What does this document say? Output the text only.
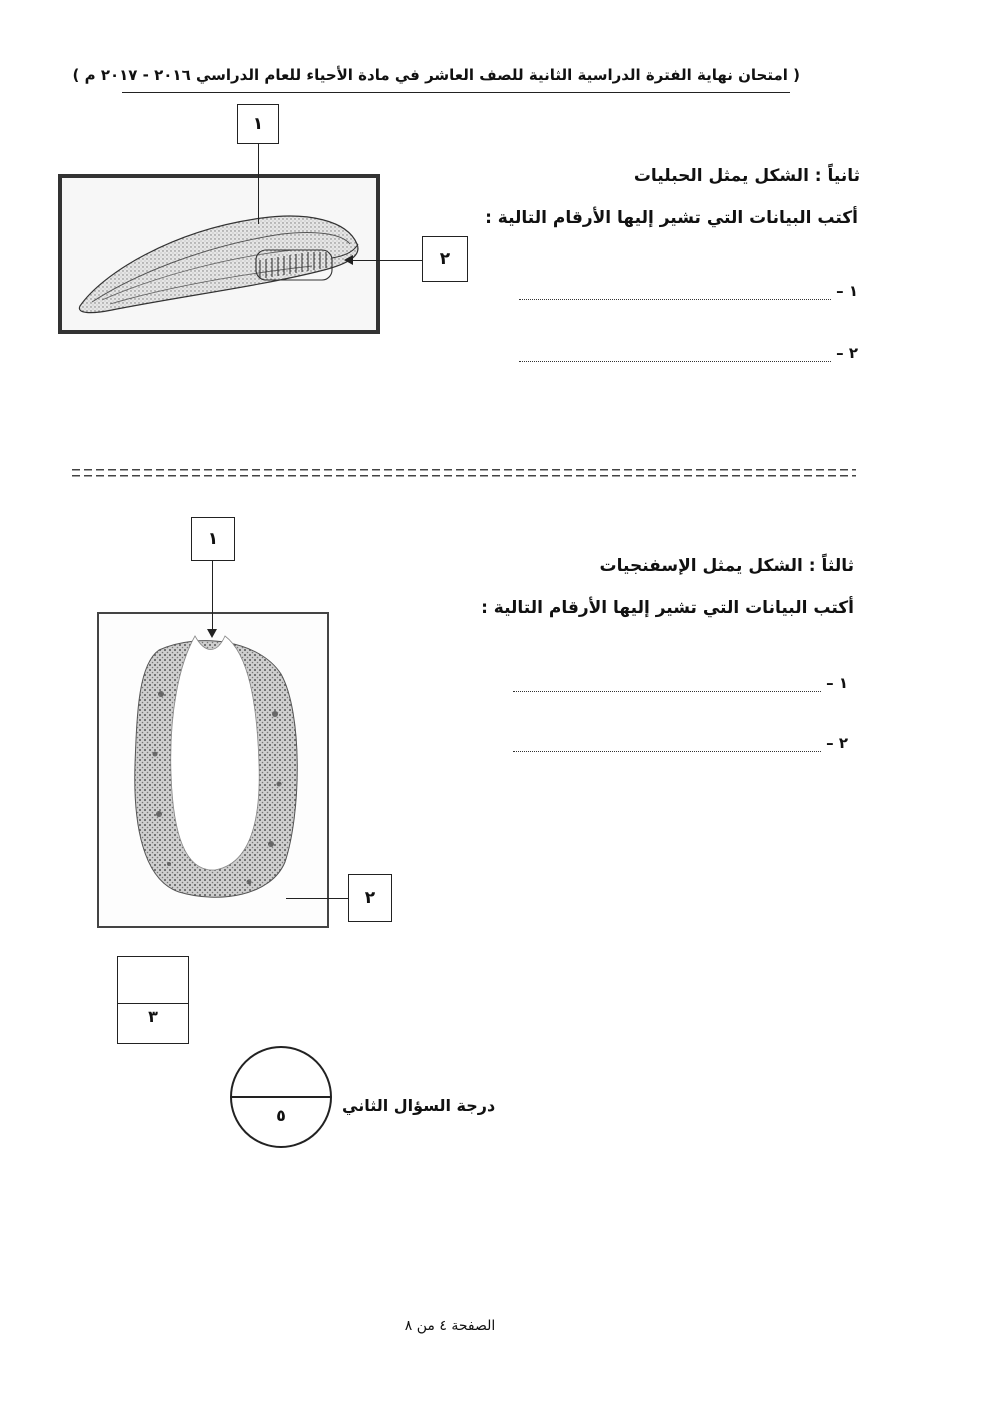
( امتحان نهاية الفترة الدراسية الثانية للصف العاشر في مادة الأحياء للعام الدراسي ٢٠١٦ - ٢٠١٧ م )
١
٢
ثانياً : الشكل يمثل الحبليات
أكتب البيانات التي تشير إليها الأرقام التالية :
١ –
٢ –
١
٢
ثالثاً : الشكل يمثل الإسفنجيات
أكتب البيانات التي تشير إليها الأرقام التالية :
١ –
٢ –
٣
٥
درجة السؤال الثاني
الصفحة ٤ من ٨
